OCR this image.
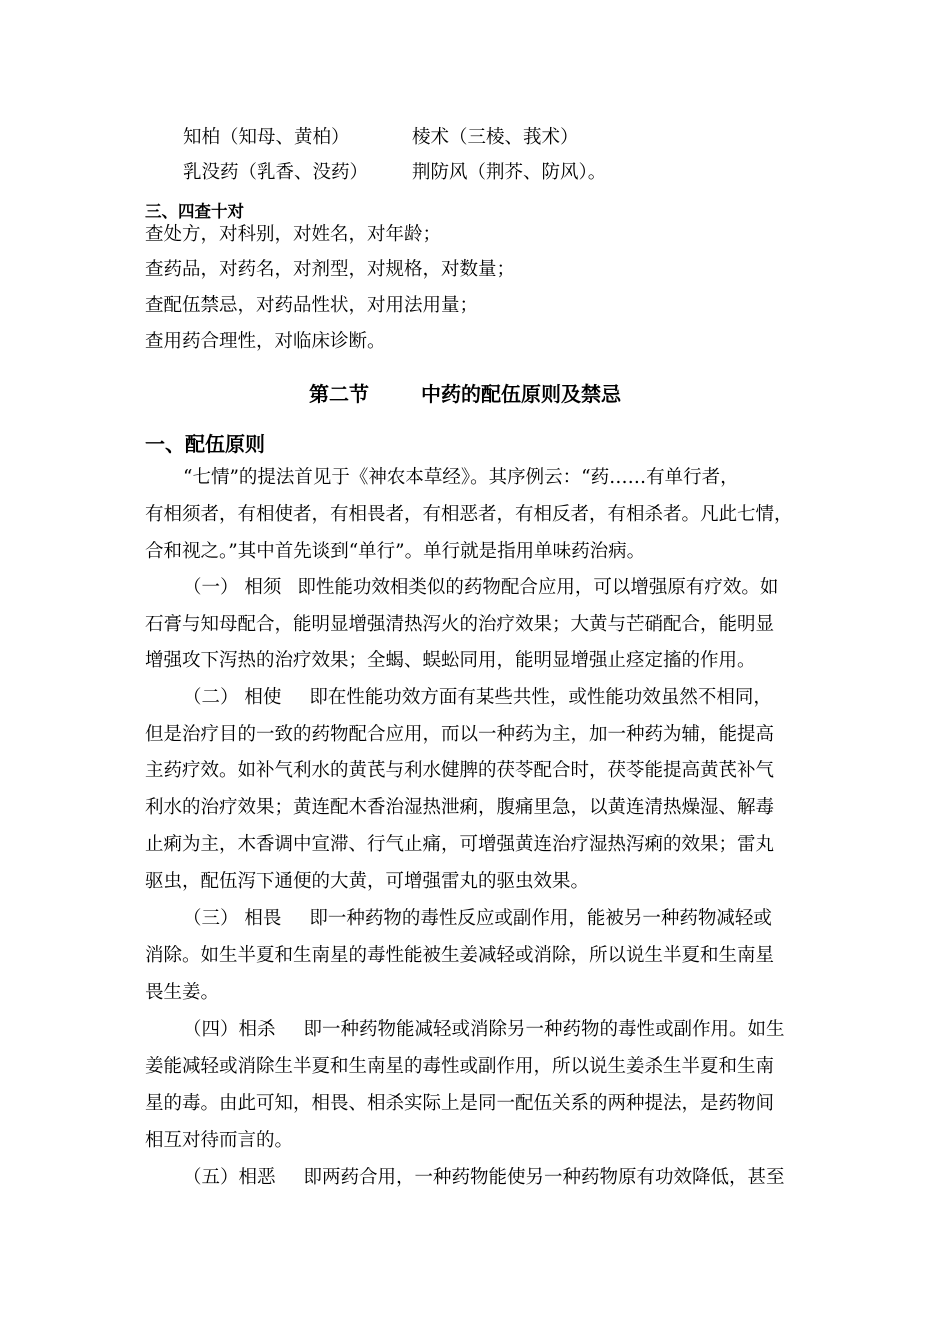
知柏（知母、黄柏）	棱术（三棱、莪术）
乳没药（乳香、没药） 荆防风（荆芥、防风）。
三、四查十对
查处方，对科别，对姓名，对年龄；
查药品，对药名，对剂型，对规格，对数量；
查配伍禁忌，对药品性状，对用法用量；
查用药合理性，对临床诊断。
第二节	中药的配伍原则及禁忌
一、配伍原则
“七情”的提法首见于《神农本草经》。其序例云：“药……有单行者，
有相须者，有相使者，有相畏者，有相恶者，有相反者，有相杀者。凡此七情，
合和视之。”其中首先谈到“单行”。单行就是指用单味药治病。
（一） 相须 即性能功效相类似的药物配合应用，可以增强原有疗效。如
石膏与知母配合，能明显增强清热泻火的治疗效果；大黄与芒硝配合，能明显
增强攻下泻热的治疗效果；全蝎、蜈蚣同用，能明显增强止痉定搐的作用。
（二） 相使 即在性能功效方面有某些共性，或性能功效虽然不相同，
但是治疗目的一致的药物配合应用，而以一种药为主，加一种药为辅，能提高
主药疗效。如补气利水的黄芪与利水健脾的茯苓配合时，茯苓能提高黄芪补气
利水的治疗效果；黄连配木香治湿热泄痢，腹痛里急，以黄连清热燥湿、解毒
止痢为主，木香调中宣滞、行气止痛，可增强黄连治疗湿热泻痢的效果；雷丸
驱虫，配伍泻下通便的大黄，可增强雷丸的驱虫效果。
（三） 相畏 即一种药物的毒性反应或副作用，能被另一种药物减轻或
消除。如生半夏和生南星的毒性能被生姜减轻或消除，所以说生半夏和生南星
畏生姜。
（四）相杀 即一种药物能减轻或消除另一种药物的毒性或副作用。如生
姜能减轻或消除生半夏和生南星的毒性或副作用，所以说生姜杀生半夏和生南
星的毒。由此可知，相畏、相杀实际上是同一配伍关系的两种提法，是药物间
相互对待而言的。
（五）相恶 即两药合用，一种药物能使另一种药物原有功效降低，甚至
